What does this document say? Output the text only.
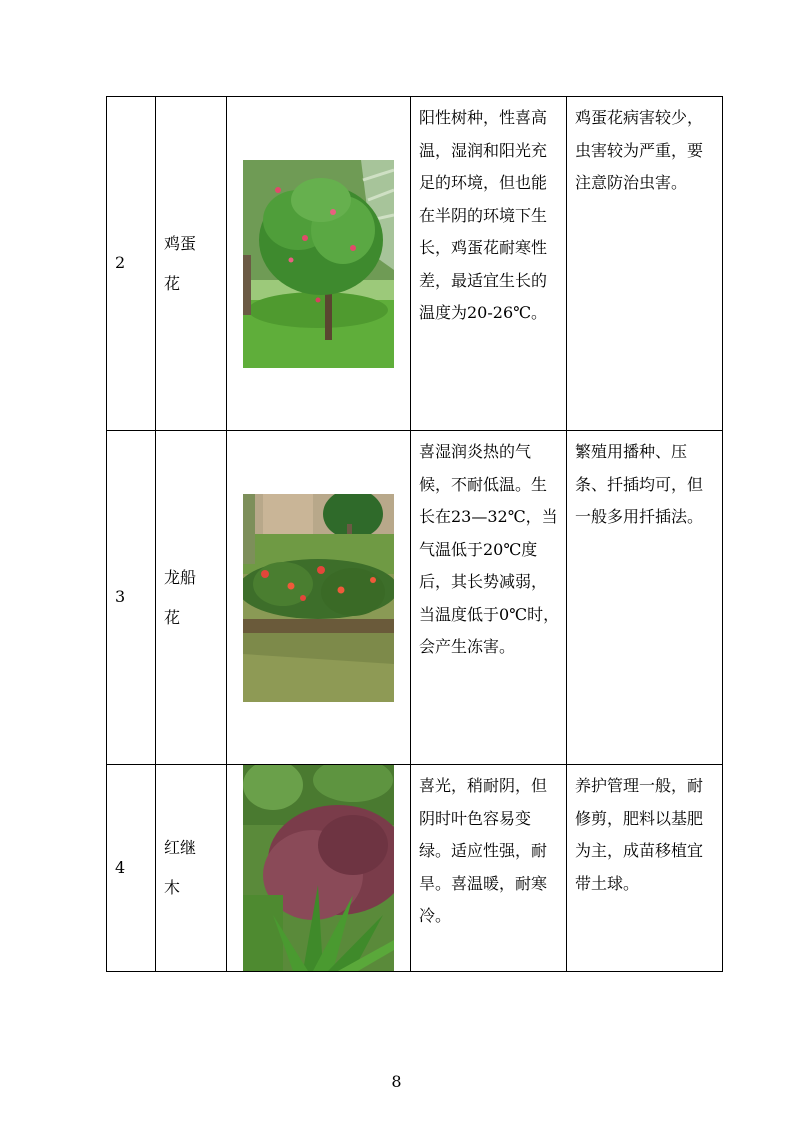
2	鸡蛋花		阳性树种，性喜高温，湿润和阳光充足的环境，但也能在半阴的环境下生长，鸡蛋花耐寒性差，最适宜生长的温度为20-26℃。	鸡蛋花病害较少，虫害较为严重，要注意防治虫害。
3	龙船花		喜湿润炎热的气候，不耐低温。生长在23—32℃，当气温低于20℃度后，其长势减弱，当温度低于0℃时，会产生冻害。	繁殖用播种、压条、扦插均可，但一般多用扦插法。
4	红继木		喜光，稍耐阴，但阴时叶色容易变绿。适应性强，耐旱。喜温暖，耐寒冷。	养护管理一般，耐修剪，肥料以基肥为主，成苗移植宜带土球。
8
